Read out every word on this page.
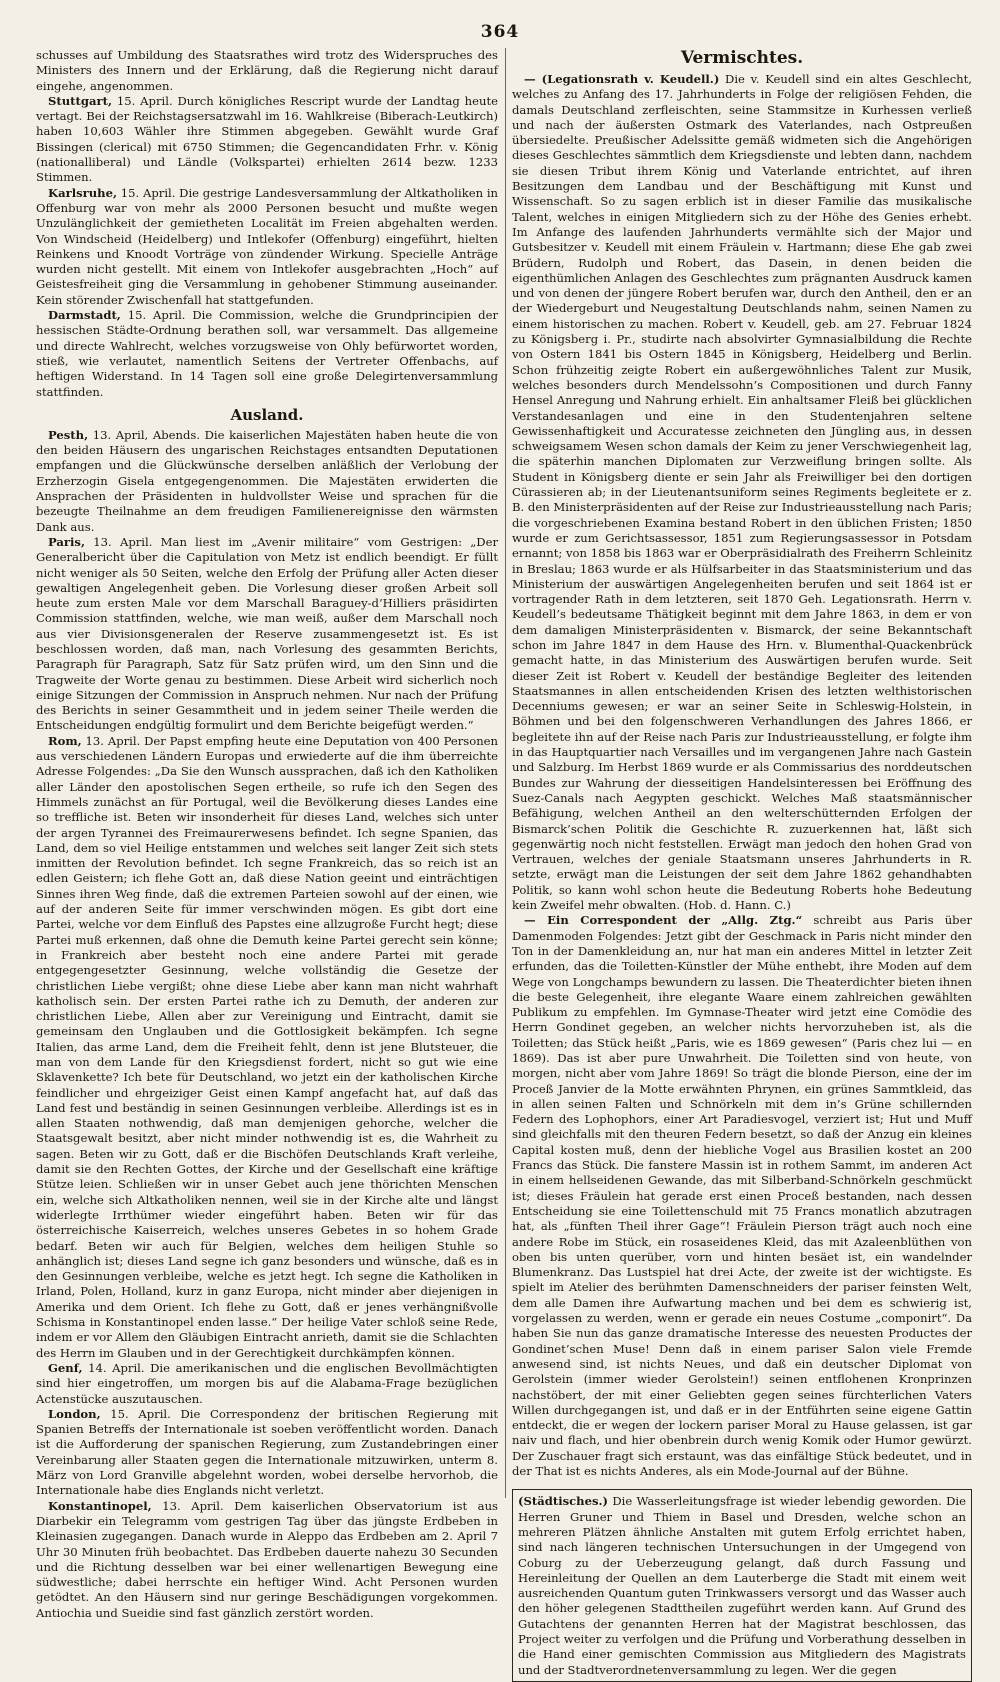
364

schusses auf Umbildung des Staatsrathes wird trotz des Widerspruches des Ministers des Innern und der Erklärung, daß die Regierung nicht darauf eingehe, angenommen.

Stuttgart, 15. April. Durch königliches Rescript wurde der Landtag heute vertagt. Bei der Reichstagsersatzwahl im 16. Wahlkreise (Biberach-Leutkirch) haben 10,603 Wähler ihre Stimmen abgegeben. Gewählt wurde Graf Bissingen (clerical) mit 6750 Stimmen; die Gegencandidaten Frhr. v. König (nationalliberal) und Ländle (Volkspartei) erhielten 2614 bezw. 1233 Stimmen.

Karlsruhe, 15. April. Die gestrige Landesversammlung der Altkatholiken in Offenburg war von mehr als 2000 Personen besucht und mußte wegen Unzulänglichkeit der gemietheten Localität im Freien abgehalten werden. Von Windscheid (Heidelberg) und Intlekofer (Offenburg) eingeführt, hielten Reinkens und Knoodt Vorträge von zündender Wirkung. Specielle Anträge wurden nicht gestellt. Mit einem von Intlekofer ausgebrachten „Hoch“ auf Geistesfreiheit ging die Versammlung in gehobener Stimmung auseinander. Kein störender Zwischenfall hat stattgefunden.

Darmstadt, 15. April. Die Commission, welche die Grundprincipien der hessischen Städte-Ordnung berathen soll, war versammelt. Das allgemeine und directe Wahlrecht, welches vorzugsweise von Ohly befürwortet worden, stieß, wie verlautet, namentlich Seitens der Vertreter Offenbachs, auf heftigen Widerstand. In 14 Tagen soll eine große Delegirtenversammlung stattfinden.

Ausland.

Pesth, 13. April, Abends. Die kaiserlichen Majestäten haben heute die von den beiden Häusern des ungarischen Reichstages entsandten Deputationen empfangen und die Glückwünsche derselben anläßlich der Verlobung der Erzherzogin Gisela entgegengenommen. Die Majestäten erwiderten die Ansprachen der Präsidenten in huldvollster Weise und sprachen für die bezeugte Theilnahme an dem freudigen Familienereignisse den wärmsten Dank aus.

Paris, 13. April. Man liest im „Avenir militaire“ vom Gestrigen: „Der Generalbericht über die Capitulation von Metz ist endlich beendigt. Er füllt nicht weniger als 50 Seiten, welche den Erfolg der Prüfung aller Acten dieser gewaltigen Angelegenheit geben. Die Vorlesung dieser großen Arbeit soll heute zum ersten Male vor dem Marschall Baraguey-d’Hilliers präsidirten Commission stattfinden, welche, wie man weiß, außer dem Marschall noch aus vier Divisionsgeneralen der Reserve zusammengesetzt ist. Es ist beschlossen worden, daß man, nach Vorlesung des gesammten Berichts, Paragraph für Paragraph, Satz für Satz prüfen wird, um den Sinn und die Tragweite der Worte genau zu bestimmen. Diese Arbeit wird sicherlich noch einige Sitzungen der Commission in Anspruch nehmen. Nur nach der Prüfung des Berichts in seiner Gesammtheit und in jedem seiner Theile werden die Entscheidungen endgültig formulirt und dem Berichte beigefügt werden.“

Rom, 13. April. Der Papst empfing heute eine Deputation von 400 Personen aus verschiedenen Ländern Europas und erwiederte auf die ihm überreichte Adresse Folgendes: „Da Sie den Wunsch aussprachen, daß ich den Katholiken aller Länder den apostolischen Segen ertheile, so rufe ich den Segen des Himmels zunächst an für Portugal, weil die Bevölkerung dieses Landes eine so treffliche ist. Beten wir insonderheit für dieses Land, welches sich unter der argen Tyrannei des Freimaurerwesens befindet. Ich segne Spanien, das Land, dem so viel Heilige entstammen und welches seit langer Zeit sich stets inmitten der Revolution befindet. Ich segne Frankreich, das so reich ist an edlen Geistern; ich flehe Gott an, daß diese Nation geeint und einträchtigen Sinnes ihren Weg finde, daß die extremen Parteien sowohl auf der einen, wie auf der anderen Seite für immer verschwinden mögen. Es gibt dort eine Partei, welche vor dem Einfluß des Papstes eine allzugroße Furcht hegt; diese Partei muß erkennen, daß ohne die Demuth keine Partei gerecht sein könne; in Frankreich aber besteht noch eine andere Partei mit gerade entgegengesetzter Gesinnung, welche vollständig die Gesetze der christlichen Liebe vergißt; ohne diese Liebe aber kann man nicht wahrhaft katholisch sein. Der ersten Partei rathe ich zu Demuth, der anderen zur christlichen Liebe, Allen aber zur Vereinigung und Eintracht, damit sie gemeinsam den Unglauben und die Gottlosigkeit bekämpfen. Ich segne Italien, das arme Land, dem die Freiheit fehlt, denn ist jene Blutsteuer, die man von dem Lande für den Kriegsdienst fordert, nicht so gut wie eine Sklavenkette? Ich bete für Deutschland, wo jetzt ein der katholischen Kirche feindlicher und ehrgeiziger Geist einen Kampf angefacht hat, auf daß das Land fest und beständig in seinen Gesinnungen verbleibe. Allerdings ist es in allen Staaten nothwendig, daß man demjenigen gehorche, welcher die Staatsgewalt besitzt, aber nicht minder nothwendig ist es, die Wahrheit zu sagen. Beten wir zu Gott, daß er die Bischöfen Deutschlands Kraft verleihe, damit sie den Rechten Gottes, der Kirche und der Gesellschaft eine kräftige Stütze leien. Schließen wir in unser Gebet auch jene thörichten Menschen ein, welche sich Altkatholiken nennen, weil sie in der Kirche alte und längst widerlegte Irrthümer wieder eingeführt haben. Beten wir für das österreichische Kaiserreich, welches unseres Gebetes in so hohem Grade bedarf. Beten wir auch für Belgien, welches dem heiligen Stuhle so anhänglich ist; dieses Land segne ich ganz besonders und wünsche, daß es in den Gesinnungen verbleibe, welche es jetzt hegt. Ich segne die Katholiken in Irland, Polen, Holland, kurz in ganz Europa, nicht minder aber diejenigen in Amerika und dem Orient. Ich flehe zu Gott, daß er jenes verhängnißvolle Schisma in Konstantinopel enden lasse.“ Der heilige Vater schloß seine Rede, indem er vor Allem den Gläubigen Eintracht anrieth, damit sie die Schlachten des Herrn im Glauben und in der Gerechtigkeit durchkämpfen können.

Genf, 14. April. Die amerikanischen und die englischen Bevollmächtigten sind hier eingetroffen, um morgen bis auf die Alabama-Frage bezüglichen Actenstücke auszutauschen.

London, 15. April. Die Correspondenz der britischen Regierung mit Spanien Betreffs der Internationale ist soeben veröffentlicht worden. Danach ist die Aufforderung der spanischen Regierung, zum Zustandebringen einer Vereinbarung aller Staaten gegen die Internationale mitzuwirken, unterm 8. März von Lord Granville abgelehnt worden, wobei derselbe hervorhob, die Internationale habe dies Englands nicht verletzt.

Konstantinopel, 13. April. Dem kaiserlichen Observatorium ist aus Diarbekir ein Telegramm vom gestrigen Tag über das jüngste Erdbeben in Kleinasien zugegangen. Danach wurde in Aleppo das Erdbeben am 2. April 7 Uhr 30 Minuten früh beobachtet. Das Erdbeben dauerte nahezu 30 Secunden und die Richtung desselben war bei einer wellenartigen Bewegung eine südwestliche; dabei herrschte ein heftiger Wind. Acht Personen wurden getödtet. An den Häusern sind nur geringe Beschädigungen vorgekommen. Antiochia und Sueidie sind fast gänzlich zerstört worden.

Vermischtes.

— (Legationsrath v. Keudell.) Die v. Keudell sind ein altes Geschlecht, welches zu Anfang des 17. Jahrhunderts in Folge der religiösen Fehden, die damals Deutschland zerfleischten, seine Stammsitze in Kurhessen verließ und nach der äußersten Ostmark des Vaterlandes, nach Ostpreußen übersiedelte. Preußischer Adelssitte gemäß widmeten sich die Angehörigen dieses Geschlechtes sämmtlich dem Kriegsdienste und lebten dann, nachdem sie diesen Tribut ihrem König und Vaterlande entrichtet, auf ihren Besitzungen dem Landbau und der Beschäftigung mit Kunst und Wissenschaft. So zu sagen erblich ist in dieser Familie das musikalische Talent, welches in einigen Mitgliedern sich zu der Höhe des Genies erhebt. Im Anfange des laufenden Jahrhunderts vermählte sich der Major und Gutsbesitzer v. Keudell mit einem Fräulein v. Hartmann; diese Ehe gab zwei Brüdern, Rudolph und Robert, das Dasein, in denen beiden die eigenthümlichen Anlagen des Geschlechtes zum prägnanten Ausdruck kamen und von denen der jüngere Robert berufen war, durch den Antheil, den er an der Wiedergeburt und Neugestaltung Deutschlands nahm, seinen Namen zu einem historischen zu machen. Robert v. Keudell, geb. am 27. Februar 1824 zu Königsberg i. Pr., studirte nach absolvirter Gymnasialbildung die Rechte von Ostern 1841 bis Ostern 1845 in Königsberg, Heidelberg und Berlin. Schon frühzeitig zeigte Robert ein außergewöhnliches Talent zur Musik, welches besonders durch Mendelssohn’s Compositionen und durch Fanny Hensel Anregung und Nahrung erhielt. Ein anhaltsamer Fleiß bei glücklichen Verstandesanlagen und eine in den Studentenjahren seltene Gewissenhaftigkeit und Accuratesse zeichneten den Jüngling aus, in dessen schweigsamem Wesen schon damals der Keim zu jener Verschwiegenheit lag, die späterhin manchen Diplomaten zur Verzweiflung bringen sollte. Als Student in Königsberg diente er sein Jahr als Freiwilliger bei den dortigen Cürassieren ab; in der Lieutenantsuniform seines Regiments begleitete er z. B. den Ministerpräsidenten auf der Reise zur Industrieausstellung nach Paris; die vorgeschriebenen Examina bestand Robert in den üblichen Fristen; 1850 wurde er zum Gerichtsassessor, 1851 zum Regierungsassessor in Potsdam ernannt; von 1858 bis 1863 war er Oberpräsidialrath des Freiherrn Schleinitz in Breslau; 1863 wurde er als Hülfsarbeiter in das Staatsministerium und das Ministerium der auswärtigen Angelegenheiten berufen und seit 1864 ist er vortragender Rath in dem letzteren, seit 1870 Geh. Legationsrath. Herrn v. Keudell’s bedeutsame Thätigkeit beginnt mit dem Jahre 1863, in dem er von dem damaligen Ministerpräsidenten v. Bismarck, der seine Bekanntschaft schon im Jahre 1847 in dem Hause des Hrn. v. Blumenthal-Quackenbrück gemacht hatte, in das Ministerium des Auswärtigen berufen wurde. Seit dieser Zeit ist Robert v. Keudell der beständige Begleiter des leitenden Staatsmannes in allen entscheidenden Krisen des letzten welthistorischen Decenniums gewesen; er war an seiner Seite in Schleswig-Holstein, in Böhmen und bei den folgenschweren Verhandlungen des Jahres 1866, er begleitete ihn auf der Reise nach Paris zur Industrieausstellung, er folgte ihm in das Hauptquartier nach Versailles und im vergangenen Jahre nach Gastein und Salzburg. Im Herbst 1869 wurde er als Commissarius des norddeutschen Bundes zur Wahrung der diesseitigen Handelsinteressen bei Eröffnung des Suez-Canals nach Aegypten geschickt. Welches Maß staatsmännischer Befähigung, welchen Antheil an den welterschütternden Erfolgen der Bismarck’schen Politik die Geschichte R. zuzuerkennen hat, läßt sich gegenwärtig noch nicht feststellen. Erwägt man jedoch den hohen Grad von Vertrauen, welches der geniale Staatsmann unseres Jahrhunderts in R. setzte, erwägt man die Leistungen der seit dem Jahre 1862 gehandhabten Politik, so kann wohl schon heute die Bedeutung Roberts hohe Bedeutung kein Zweifel mehr obwalten. (Hob. d. Hann. C.)

— Ein Correspondent der „Allg. Ztg.“ schreibt aus Paris über Damenmoden Folgendes: Jetzt gibt der Geschmack in Paris nicht minder den Ton in der Damenkleidung an, nur hat man ein anderes Mittel in letzter Zeit erfunden, das die Toiletten-Künstler der Mühe enthebt, ihre Moden auf dem Wege von Longchamps bewundern zu lassen. Die Theaterdichter bieten ihnen die beste Gelegenheit, ihre elegante Waare einem zahlreichen gewählten Publikum zu empfehlen. Im Gymnase-Theater wird jetzt eine Comödie des Herrn Gondinet gegeben, an welcher nichts hervorzuheben ist, als die Toiletten; das Stück heißt „Paris, wie es 1869 gewesen“ (Paris chez lui — en 1869). Das ist aber pure Unwahrheit. Die Toiletten sind von heute, von morgen, nicht aber vom Jahre 1869! So trägt die blonde Pierson, eine der im Proceß Janvier de la Motte erwähnten Phrynen, ein grünes Sammtkleid, das in allen seinen Falten und Schnörkeln mit dem in’s Grüne schillernden Federn des Lophophors, einer Art Paradiesvogel, verziert ist; Hut und Muff sind gleichfalls mit den theuren Federn besetzt, so daß der Anzug ein kleines Capital kosten muß, denn der hiebliche Vogel aus Brasilien kostet an 200 Francs das Stück. Die fanstere Massin ist in rothem Sammt, im anderen Act in einem hellseidenen Gewande, das mit Silberband-Schnörkeln geschmückt ist; dieses Fräulein hat gerade erst einen Proceß bestanden, nach dessen Entscheidung sie eine Toilettenschuld mit 75 Francs monatlich abzutragen hat, als „fünften Theil ihrer Gage“! Fräulein Pierson trägt auch noch eine andere Robe im Stück, ein rosaseidenes Kleid, das mit Azaleenblüthen von oben bis unten querüber, vorn und hinten besäet ist, ein wandelnder Blumenkranz. Das Lustspiel hat drei Acte, der zweite ist der wichtigste. Es spielt im Atelier des berühmten Damenschneiders der pariser feinsten Welt, dem alle Damen ihre Aufwartung machen und bei dem es schwierig ist, vorgelassen zu werden, wenn er gerade ein neues Costume „componirt“. Da haben Sie nun das ganze dramatische Interesse des neuesten Productes der Gondinet’schen Muse! Denn daß in einem pariser Salon viele Fremde anwesend sind, ist nichts Neues, und daß ein deutscher Diplomat von Gerolstein (immer wieder Gerolstein!) seinen entflohenen Kronprinzen nachstöbert, der mit einer Geliebten gegen seines fürchterlichen Vaters Willen durchgegangen ist, und daß er in der Entführten seine eigene Gattin entdeckt, die er wegen der lockern pariser Moral zu Hause gelassen, ist gar naiv und flach, und hier obenbrein durch wenig Komik oder Humor gewürzt. Der Zuschauer fragt sich erstaunt, was das einfältige Stück bedeutet, und in der That ist es nichts Anderes, als ein Mode-Journal auf der Bühne.

(Städtisches.) Die Wasserleitungsfrage ist wieder lebendig geworden. Die Herren Gruner und Thiem in Basel und Dresden, welche schon an mehreren Plätzen ähnliche Anstalten mit gutem Erfolg errichtet haben, sind nach längeren technischen Untersuchungen in der Umgegend von Coburg zu der Ueberzeugung gelangt, daß durch Fassung und Hereinleitung der Quellen an dem Lauterberge die Stadt mit einem weit ausreichenden Quantum guten Trinkwassers versorgt und das Wasser auch den höher gelegenen Stadttheilen zugeführt werden kann. Auf Grund des Gutachtens der genannten Herren hat der Magistrat beschlossen, das Project weiter zu verfolgen und die Prüfung und Vorberathung desselben in die Hand einer gemischten Commission aus Mitgliedern des Magistrats und der Stadtverordnetenversammlung zu legen. Wer die gegen
